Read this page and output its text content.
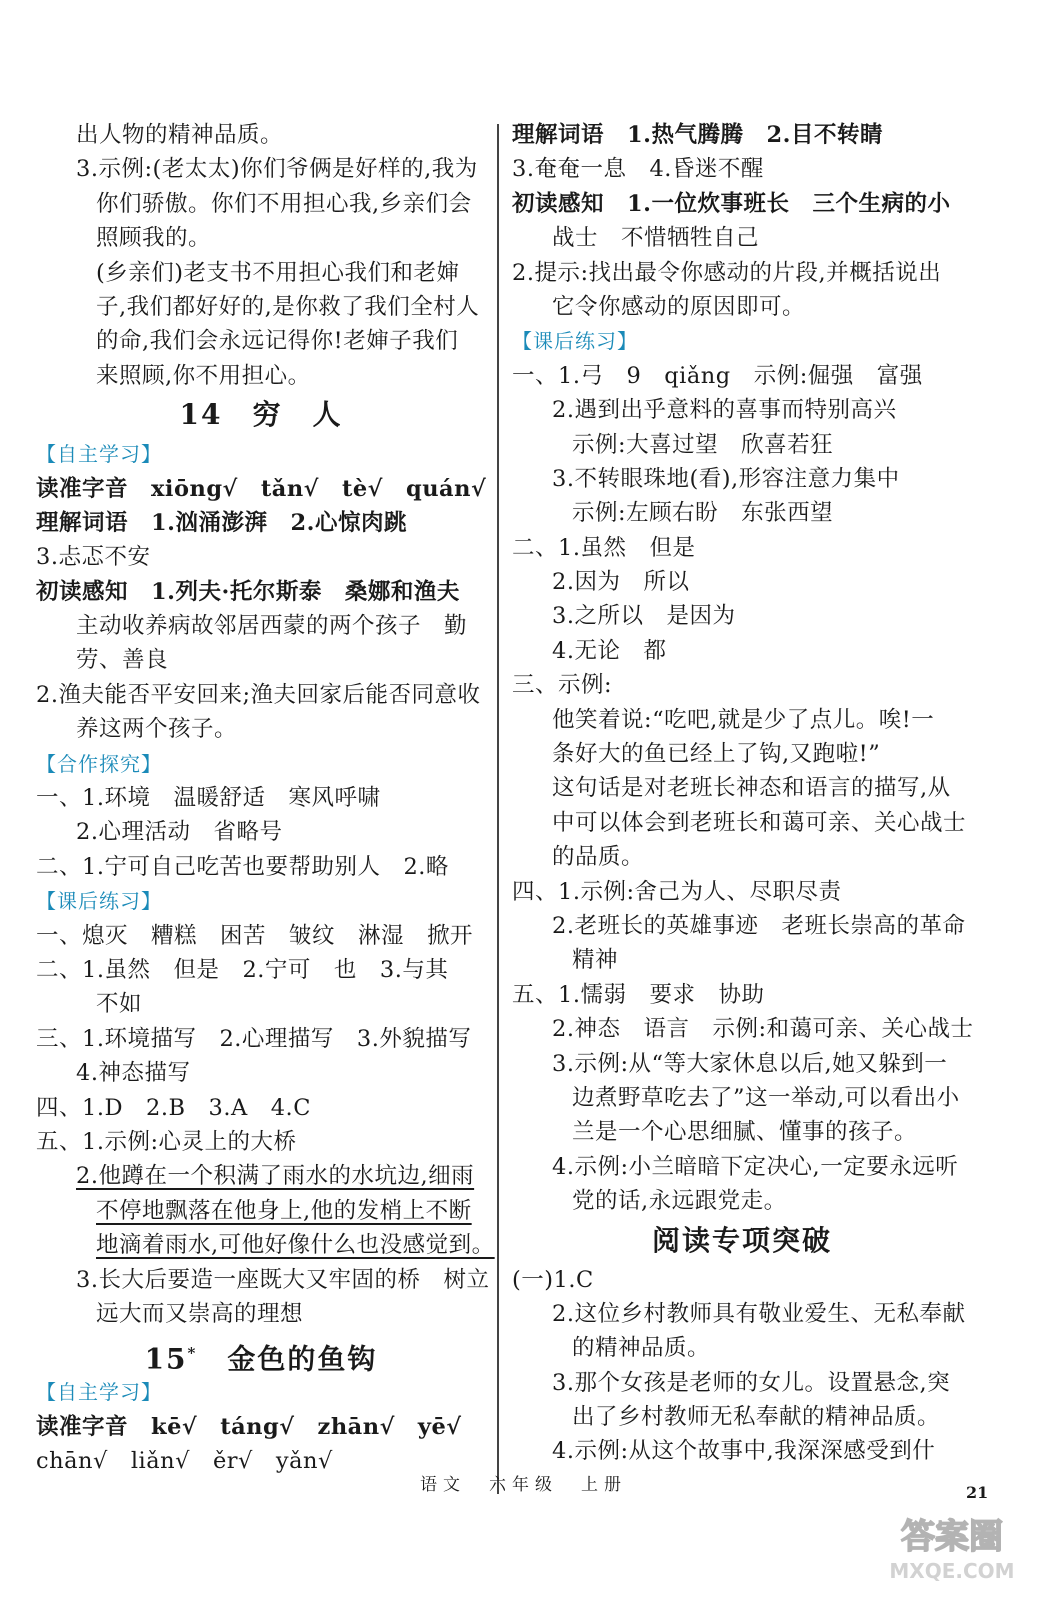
出人物的精神品质。
3.示例:(老太太)你们爷俩是好样的,我为
你们骄傲。你们不用担心我,乡亲们会
照顾我的。
(乡亲们)老支书不用担心我们和老婶
子,我们都好好的,是你救了我们全村人
的命,我们会永远记得你!老婶子我们
来照顾,你不用担心。
14　穷　人
【自主学习】
读准字音　xiōng√　tǎn√　tè√　quán√
理解词语　1.汹涌澎湃　2.心惊肉跳
3.忐忑不安
初读感知　1.列夫·托尔斯泰　桑娜和渔夫
主动收养病故邻居西蒙的两个孩子　勤
劳、善良
2.渔夫能否平安回来;渔夫回家后能否同意收
养这两个孩子。
【合作探究】
一、1.环境　温暖舒适　寒风呼啸
2.心理活动　省略号
二、1.宁可自己吃苦也要帮助别人　2.略
【课后练习】
一、熄灭　糟糕　困苦　皱纹　淋湿　掀开
二、1.虽然　但是　2.宁可　也　3.与其
不如
三、1.环境描写　2.心理描写　3.外貌描写
4.神态描写
四、1.D　2.B　3.A　4.C
五、1.示例:心灵上的大桥
2.他蹲在一个积满了雨水的水坑边,细雨
不停地飘落在他身上,他的发梢上不断
地滴着雨水,可他好像什么也没感觉到。
3.长大后要造一座既大又牢固的桥　树立
远大而又崇高的理想
15*　 金色的鱼钩
【自主学习】
读准字音　kē√　táng√　zhān√　yē√
chān√　liǎn√　ěr√　yǎn√
理解词语　1.热气腾腾　2.目不转睛
3.奄奄一息　4.昏迷不醒
初读感知　1.一位炊事班长　三个生病的小
战士　不惜牺牲自己
2.提示:找出最令你感动的片段,并概括说出
它令你感动的原因即可。
【课后练习】
一、1.弓　9　qiǎng　示例:倔强　富强
2.遇到出乎意料的喜事而特别高兴
示例:大喜过望　欣喜若狂
3.不转眼珠地(看),形容注意力集中
示例:左顾右盼　东张西望
二、1.虽然　但是
2.因为　所以
3.之所以　是因为
4.无论　都
三、示例:
他笑着说:“吃吧,就是少了点儿。唉!一
条好大的鱼已经上了钩,又跑啦!”
这句话是对老班长神态和语言的描写,从
中可以体会到老班长和蔼可亲、关心战士
的品质。
四、1.示例:舍己为人、尽职尽责
2.老班长的英雄事迹　老班长崇高的革命
精神
五、1.懦弱　要求　协助
2.神态　语言　示例:和蔼可亲、关心战士
3.示例:从“等大家休息以后,她又躲到一
边煮野草吃去了”这一举动,可以看出小
兰是一个心思细腻、懂事的孩子。
4.示例:小兰暗暗下定决心,一定要永远听
党的话,永远跟党走。
阅读专项突破
(一)1.C
2.这位乡村教师具有敬业爱生、无私奉献
的精神品质。
3.那个女孩是老师的女儿。设置悬念,突
出了乡村教师无私奉献的精神品质。
4.示例:从这个故事中,我深深感受到什
语文　六年级　上册	21
答案圈
MXQE.COM
